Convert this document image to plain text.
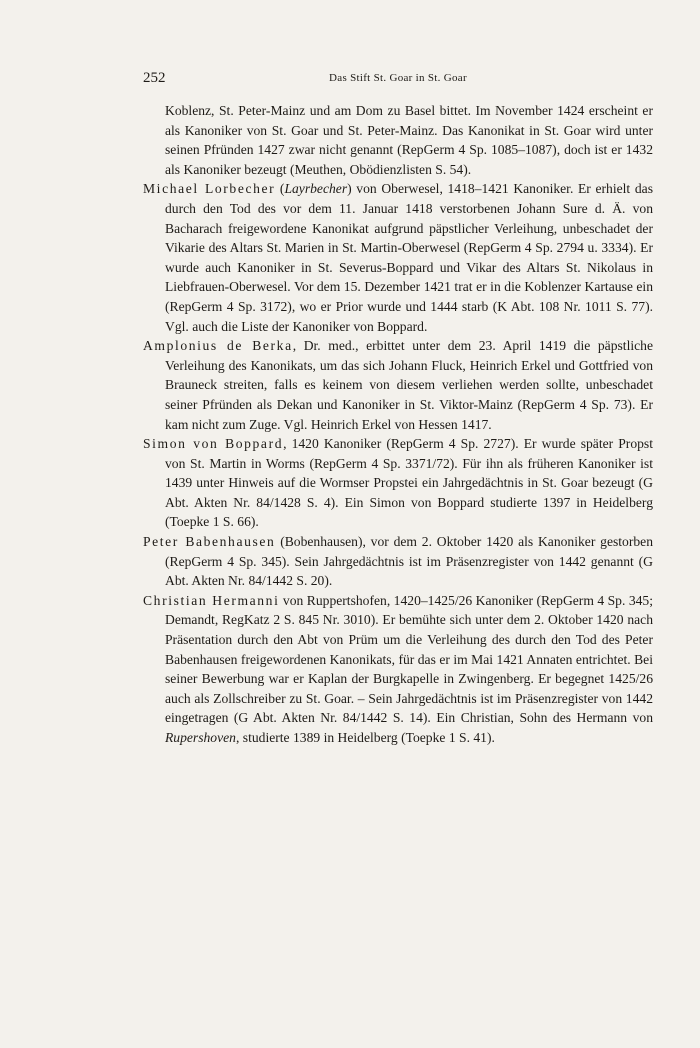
252	Das Stift St. Goar in St. Goar

Koblenz, St. Peter-Mainz und am Dom zu Basel bittet. Im November 1424 erscheint er als Kanoniker von St. Goar und St. Peter-Mainz. Das Kanonikat in St. Goar wird unter seinen Pfründen 1427 zwar nicht genannt (RepGerm 4 Sp. 1085–1087), doch ist er 1432 als Kanoniker bezeugt (Meuthen, Obödienzlisten S. 54).

Michael Lorbecher (Layrbecher) von Oberwesel, 1418–1421 Kanoniker. Er erhielt das durch den Tod des vor dem 11. Januar 1418 verstorbenen Johann Sure d. Ä. von Bacharach freigewordene Kanonikat aufgrund päpstlicher Verleihung, unbeschadet der Vikarie des Altars St. Marien in St. Martin-Oberwesel (RepGerm 4 Sp. 2794 u. 3334). Er wurde auch Kanoniker in St. Severus-Boppard und Vikar des Altars St. Nikolaus in Liebfrauen-Oberwesel. Vor dem 15. Dezember 1421 trat er in die Koblenzer Kartause ein (RepGerm 4 Sp. 3172), wo er Prior wurde und 1444 starb (K Abt. 108 Nr. 1011 S. 77). Vgl. auch die Liste der Kanoniker von Boppard.

Amplonius de Berka, Dr. med., erbittet unter dem 23. April 1419 die päpstliche Verleihung des Kanonikats, um das sich Johann Fluck, Heinrich Erkel und Gottfried von Brauneck streiten, falls es keinem von diesem verliehen werden sollte, unbeschadet seiner Pfründen als Dekan und Kanoniker in St. Viktor-Mainz (RepGerm 4 Sp. 73). Er kam nicht zum Zuge. Vgl. Heinrich Erkel von Hessen 1417.

Simon von Boppard, 1420 Kanoniker (RepGerm 4 Sp. 2727). Er wurde später Propst von St. Martin in Worms (RepGerm 4 Sp. 3371/72). Für ihn als früheren Kanoniker ist 1439 unter Hinweis auf die Wormser Propstei ein Jahrgedächtnis in St. Goar bezeugt (G Abt. Akten Nr. 84/1428 S. 4). Ein Simon von Boppard studierte 1397 in Heidelberg (Toepke 1 S. 66).

Peter Babenhausen (Bobenhausen), vor dem 2. Oktober 1420 als Kanoniker gestorben (RepGerm 4 Sp. 345). Sein Jahrgedächtnis ist im Präsenzregister von 1442 genannt (G Abt. Akten Nr. 84/1442 S. 20).

Christian Hermanni von Ruppertshofen, 1420–1425/26 Kanoniker (RepGerm 4 Sp. 345; Demandt, RegKatz 2 S. 845 Nr. 3010). Er bemühte sich unter dem 2. Oktober 1420 nach Präsentation durch den Abt von Prüm um die Verleihung des durch den Tod des Peter Babenhausen freigewordenen Kanonikats, für das er im Mai 1421 Annaten entrichtet. Bei seiner Bewerbung war er Kaplan der Burgkapelle in Zwingenberg. Er begegnet 1425/26 auch als Zollschreiber zu St. Goar. – Sein Jahrgedächtnis ist im Präsenzregister von 1442 eingetragen (G Abt. Akten Nr. 84/1442 S. 14). Ein Christian, Sohn des Hermann von Rupershoven, studierte 1389 in Heidelberg (Toepke 1 S. 41).
